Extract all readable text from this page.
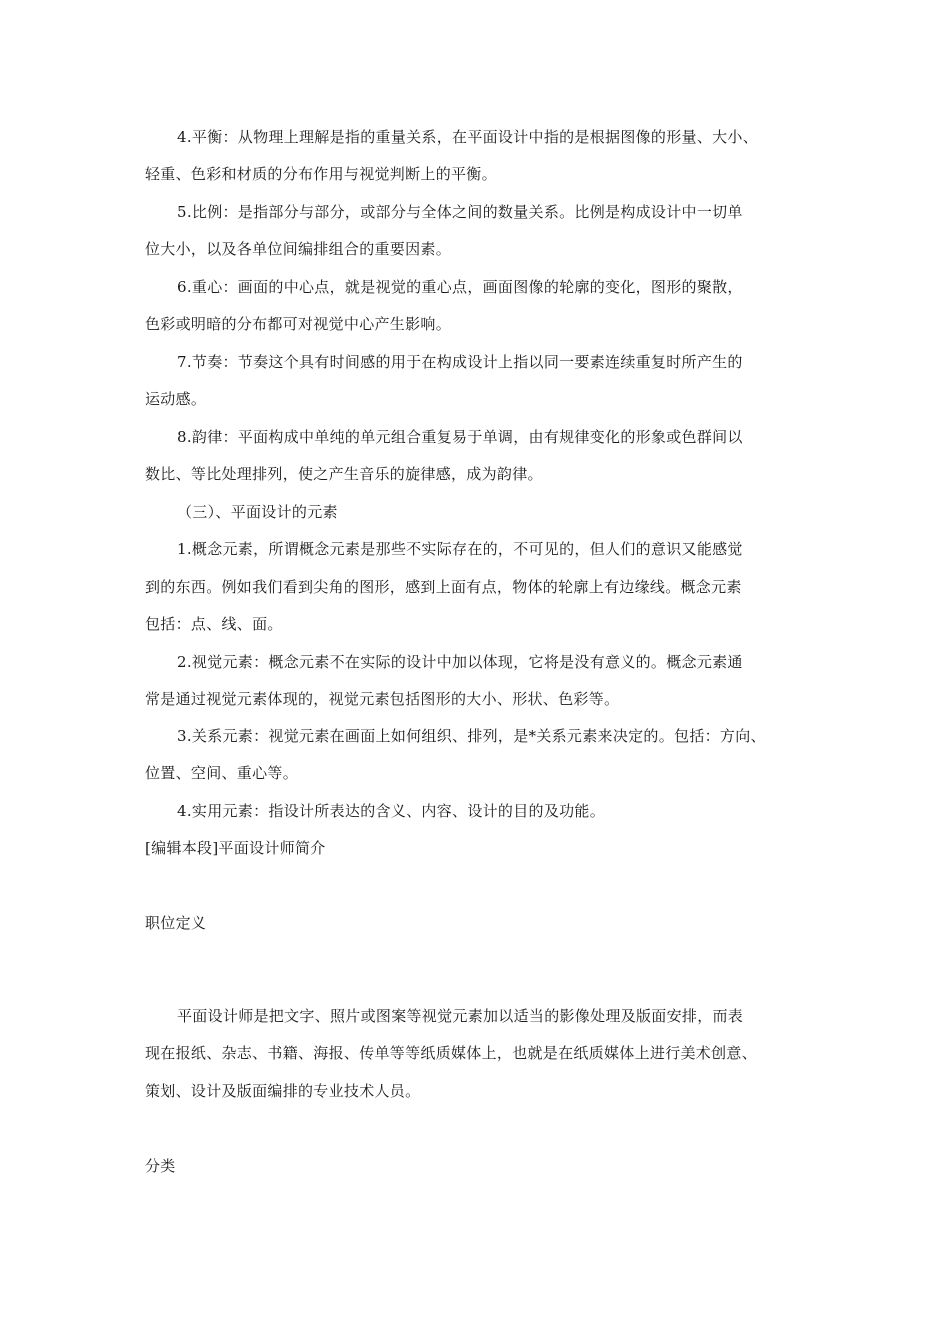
4.平衡：从物理上理解是指的重量关系，在平面设计中指的是根据图像的形量、大小、
轻重、色彩和材质的分布作用与视觉判断上的平衡。
5.比例：是指部分与部分，或部分与全体之间的数量关系。比例是构成设计中一切单
位大小，以及各单位间编排组合的重要因素。
6.重心：画面的中心点，就是视觉的重心点，画面图像的轮廓的变化，图形的聚散，
色彩或明暗的分布都可对视觉中心产生影响。
7.节奏：节奏这个具有时间感的用于在构成设计上指以同一要素连续重复时所产生的
运动感。
8.韵律：平面构成中单纯的单元组合重复易于单调，由有规律变化的形象或色群间以
数比、等比处理排列，使之产生音乐的旋律感，成为韵律。
（三）、平面设计的元素
1.概念元素，所谓概念元素是那些不实际存在的，不可见的，但人们的意识又能感觉
到的东西。例如我们看到尖角的图形，感到上面有点，物体的轮廓上有边缘线。概念元素
包括：点、线、面。
2.视觉元素：概念元素不在实际的设计中加以体现，它将是没有意义的。概念元素通
常是通过视觉元素体现的，视觉元素包括图形的大小、形状、色彩等。
3.关系元素：视觉元素在画面上如何组织、排列，是*关系元素来决定的。包括：方向、
位置、空间、重心等。
4.实用元素：指设计所表达的含义、内容、设计的目的及功能。
[编辑本段]平面设计师简介
职位定义
平面设计师是把文字、照片或图案等视觉元素加以适当的影像处理及版面安排，而表
现在报纸、杂志、书籍、海报、传单等等纸质媒体上，也就是在纸质媒体上进行美术创意、
策划、设计及版面编排的专业技术人员。
分类
